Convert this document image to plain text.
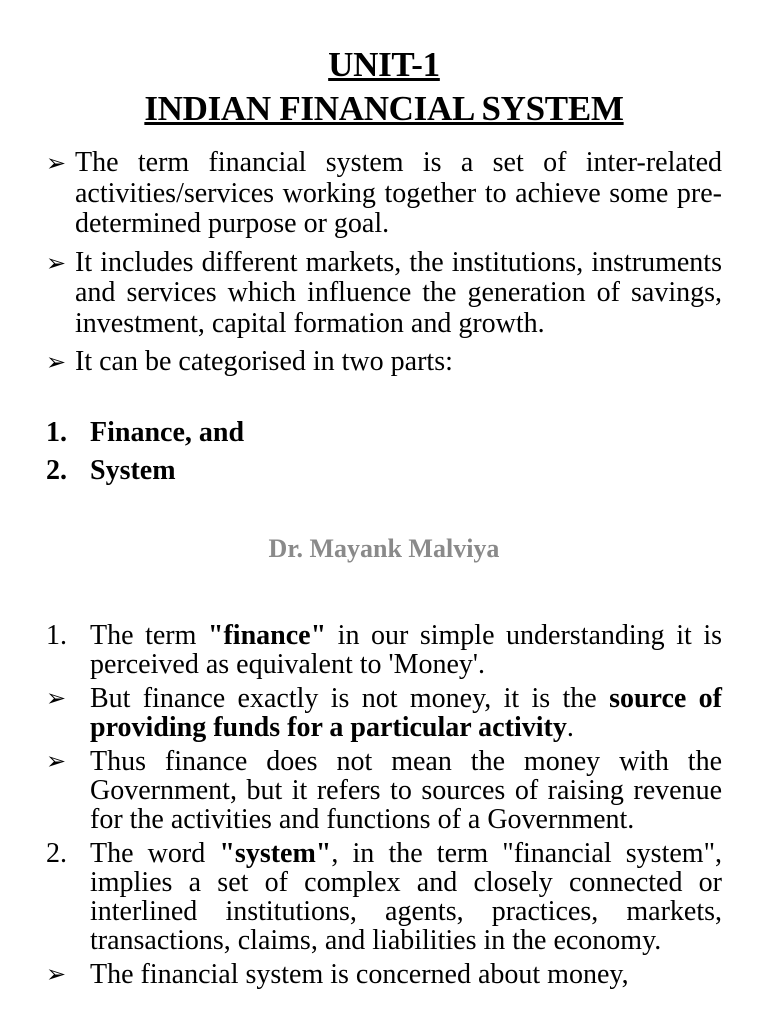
UNIT-1
INDIAN FINANCIAL SYSTEM
➢ The term financial system is a set of inter-related activities/services working together to achieve some pre-determined purpose or goal.
➢ It includes different markets, the institutions, instruments and services which influence the generation of savings, investment, capital formation and growth.
➢ It can be categorised in two parts:
1. Finance, and
2. System
Dr. Mayank Malviya
1. The term "finance" in our simple understanding it is perceived as equivalent to 'Money'.
➢ But finance exactly is not money, it is the source of providing funds for a particular activity.
➢ Thus finance does not mean the money with the Government, but it refers to sources of raising revenue for the activities and functions of a Government.
2. The word "system", in the term "financial system", implies a set of complex and closely connected or interlined institutions, agents, practices, markets, transactions, claims, and liabilities in the economy.
➢ The financial system is concerned about money,
